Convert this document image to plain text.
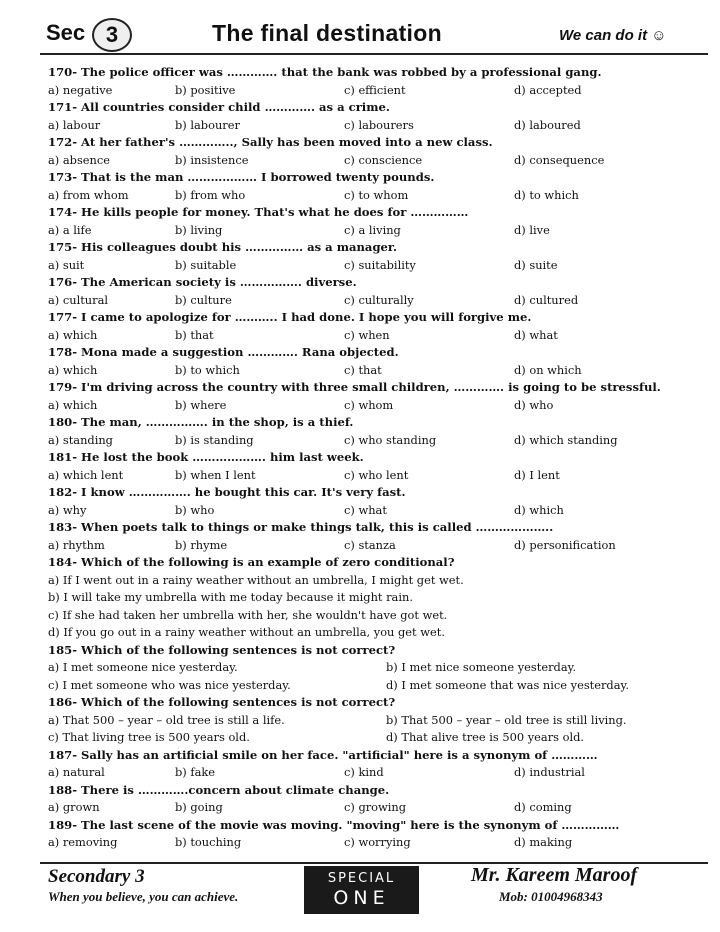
Sec 3	The final destination	We can do it ☺
170- The police officer was …………. that the bank was robbed by a professional gang.
a) negative	b) positive	c) efficient	d) accepted
171- All countries consider child …………. as a crime.
a) labour	b) labourer	c) labourers	d) laboured
172- At her father's ………….., Sally has been moved into a new class.
a) absence	b) insistence	c) conscience	d) consequence
173- That is the man ……………… I borrowed twenty pounds.
a) from whom	b) from who	c) to whom	d) to which
174- He kills people for money. That's what he does for ……………
a) a life	b) living	c) a living	d) live
175- His colleagues doubt his …………… as a manager.
a) suit	b) suitable	c) suitability	d) suite
176- The American society is ……………. diverse.
a) cultural	b) culture	c) culturally	d) cultured
177- I came to apologize for ……….. I had done. I hope you will forgive me.
a) which	b) that	c) when	d) what
178- Mona made a suggestion …………. Rana objected.
a) which	b) to which	c) that	d) on which
179- I'm driving across the country with three small children, …………. is going to be stressful.
a) which	b) where	c) whom	d) who
180- The man, ……………. in the shop, is a thief.
a) standing	b) is standing	c) who standing	d) which standing
181- He lost the book ………………. him last week.
a) which lent	b) when I lent	c) who lent	d) I lent
182- I know ……………. he bought this car. It's very fast.
a) why	b) who	c) what	d) which
183- When poets talk to things or make things talk, this is called ………………..
a) rhythm	b) rhyme	c) stanza	d) personification
184- Which of the following is an example of zero conditional?
a) If I went out in a rainy weather without an umbrella, I might get wet.
b) I will take my umbrella with me today because it might rain.
c) If she had taken her umbrella with her, she wouldn't have got wet.
d) If you go out in a rainy weather without an umbrella, you get wet.
185- Which of the following sentences is not correct?
a) I met someone nice yesterday.	b) I met nice someone yesterday.
c) I met someone who was nice yesterday.	d) I met someone that was nice yesterday.
186- Which of the following sentences is not correct?
a) That 500 – year – old tree is still a life.	b) That 500 – year – old tree is still living.
c) That living tree is 500 years old.	d) That alive tree is 500 years old.
187- Sally has an artificial smile on her face. "artificial" here is a synonym of …………
a) natural	b) fake	c) kind	d) industrial
188- There is ………….concern about climate change.
a) grown	b) going	c) growing	d) coming
189- The last scene of the movie was moving. "moving" here is the synonym of ……………
a) removing	b) touching	c) worrying	d) making
Secondary 3
When you believe, you can achieve.
SPECIAL
ONE
Mr. Kareem Maroof
Mob: 01004968343
